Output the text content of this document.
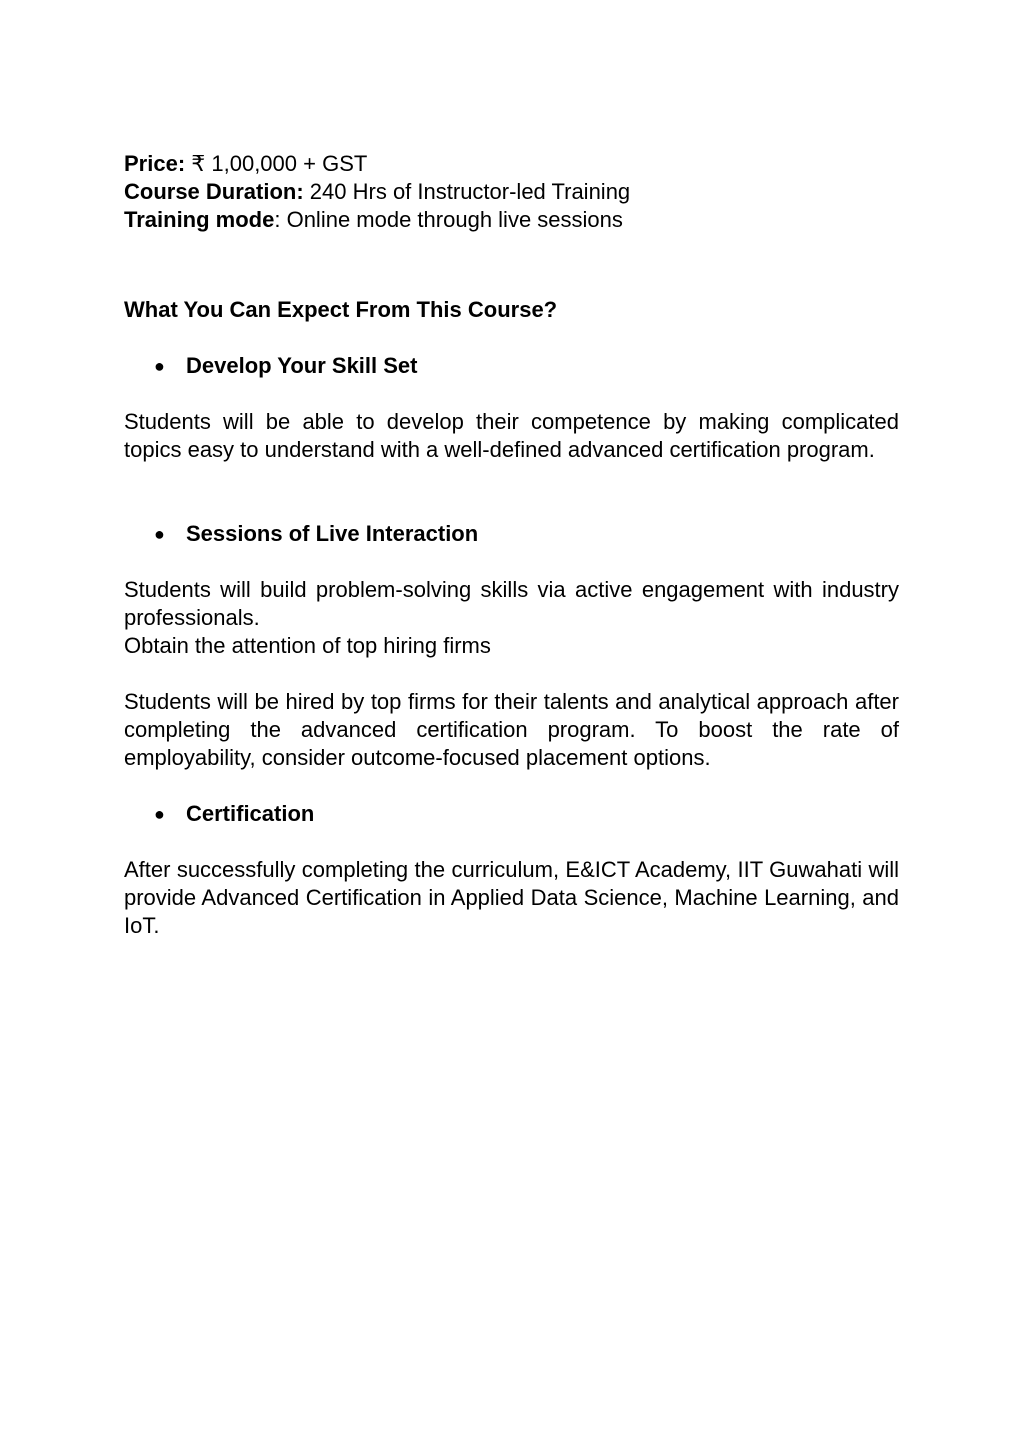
Price: ₹ 1,00,000 + GST

Course Duration: 240 Hrs of Instructor-led Training

Training mode: Online mode through live sessions

What You Can Expect From This Course?

● Develop Your Skill Set

Students will be able to develop their competence by making complicated topics easy to understand with a well-defined advanced certification program.

● Sessions of Live Interaction

Students will build problem-solving skills via active engagement with industry professionals.

Obtain the attention of top hiring firms

Students will be hired by top firms for their talents and analytical approach after completing the advanced certification program. To boost the rate of employability, consider outcome-focused placement options.

● Certification

After successfully completing the curriculum, E&ICT Academy, IIT Guwahati will provide Advanced Certification in Applied Data Science, Machine Learning, and IoT.
